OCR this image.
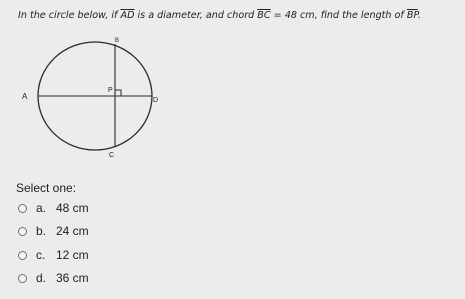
In the circle below, if $\overline{AD}$ is a diameter, and chord $\overline{BC} = 48$ cm, find the length of $\overline{BP}$.
A
B
C
D
P
Select one:
a. 48 cm
b. 24 cm
c. 12 cm
d. 36 cm
